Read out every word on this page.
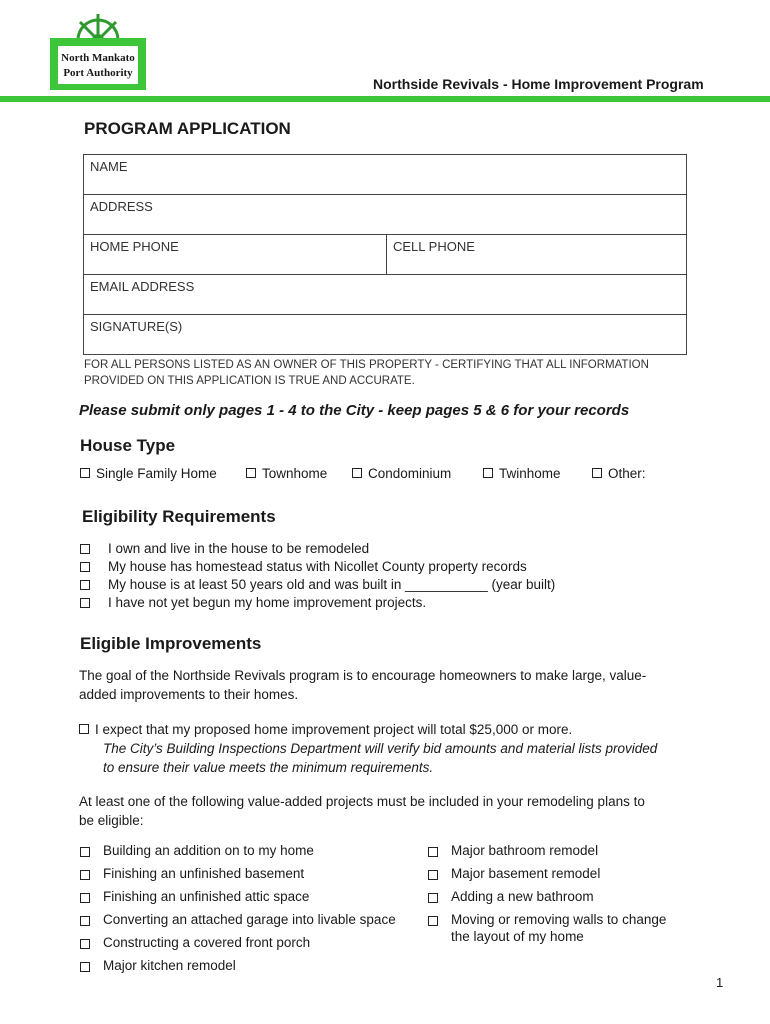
North Mankato
Port Authority
Northside Revivals - Home Improvement Program
PROGRAM APPLICATION
NAME
ADDRESS
HOME PHONE	CELL PHONE
EMAIL ADDRESS
SIGNATURE(S)
FOR ALL PERSONS LISTED AS AN OWNER OF THIS PROPERTY - CERTIFYING THAT ALL INFORMATION
PROVIDED ON THIS APPLICATION IS TRUE AND ACCURATE.
Please submit only pages 1 - 4 to the City - keep pages 5 & 6 for your records
House Type
Single Family Home	Townhome	Condominium	Twinhome	Other:
Eligibility Requirements
I own and live in the house to be remodeled
My house has homestead status with Nicollet County property records
My house is at least 50 years old and was built in ___________ (year built)
I have not yet begun my home improvement projects.
Eligible Improvements
The goal of the Northside Revivals program is to encourage homeowners to make large, value-
added improvements to their homes.
I expect that my proposed home improvement project will total $25,000 or more.
The City’s Building Inspections Department will verify bid amounts and material lists provided
to ensure their value meets the minimum requirements.
At least one of the following value-added projects must be included in your remodeling plans to
be eligible:
Building an addition on to my home
Finishing an unfinished basement
Finishing an unfinished attic space
Converting an attached garage into livable space
Constructing a covered front porch
Major kitchen remodel
Major bathroom remodel
Major basement remodel
Adding a new bathroom
Moving or removing walls to change
the layout of my home
1
